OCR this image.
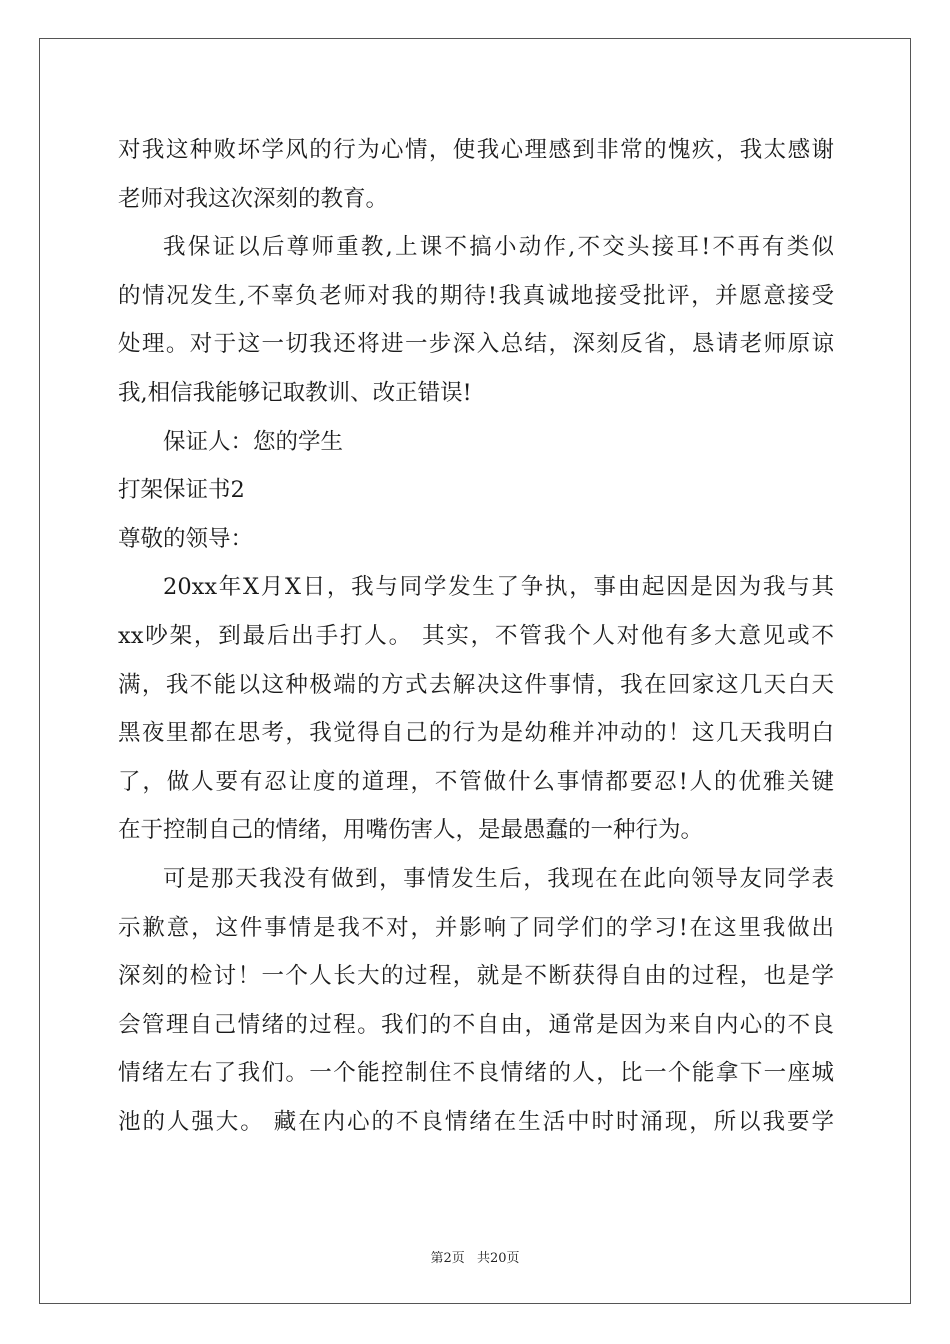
对我这种败坏学风的行为心情，使我心理感到非常的愧疚，我太感谢
老师对我这次深刻的教育。
我保证以后尊师重教,上课不搞小动作,不交头接耳!不再有类似
的情况发生,不辜负老师对我的期待!我真诚地接受批评，并愿意接受
处理。对于这一切我还将进一步深入总结，深刻反省，恳请老师原谅
我,相信我能够记取教训、改正错误!
保证人：您的学生
打架保证书2
尊敬的领导：
20xx年X月X日，我与同学发生了争执，事由起因是因为我与其
xx吵架，到最后出手打人。 其实，不管我个人对他有多大意见或不
满，我不能以这种极端的方式去解决这件事情，我在回家这几天白天
黑夜里都在思考，我觉得自己的行为是幼稚并冲动的！这几天我明白
了，做人要有忍让度的道理，不管做什么事情都要忍!人的优雅关键
在于控制自己的情绪，用嘴伤害人，是最愚蠢的一种行为。
可是那天我没有做到，事情发生后，我现在在此向领导友同学表
示歉意，这件事情是我不对，并影响了同学们的学习!在这里我做出
深刻的检讨！一个人长大的过程，就是不断获得自由的过程，也是学
会管理自己情绪的过程。我们的不自由，通常是因为来自内心的不良
情绪左右了我们。一个能控制住不良情绪的人，比一个能拿下一座城
池的人强大。 藏在内心的不良情绪在生活中时时涌现，所以我要学
第2页 共20页
